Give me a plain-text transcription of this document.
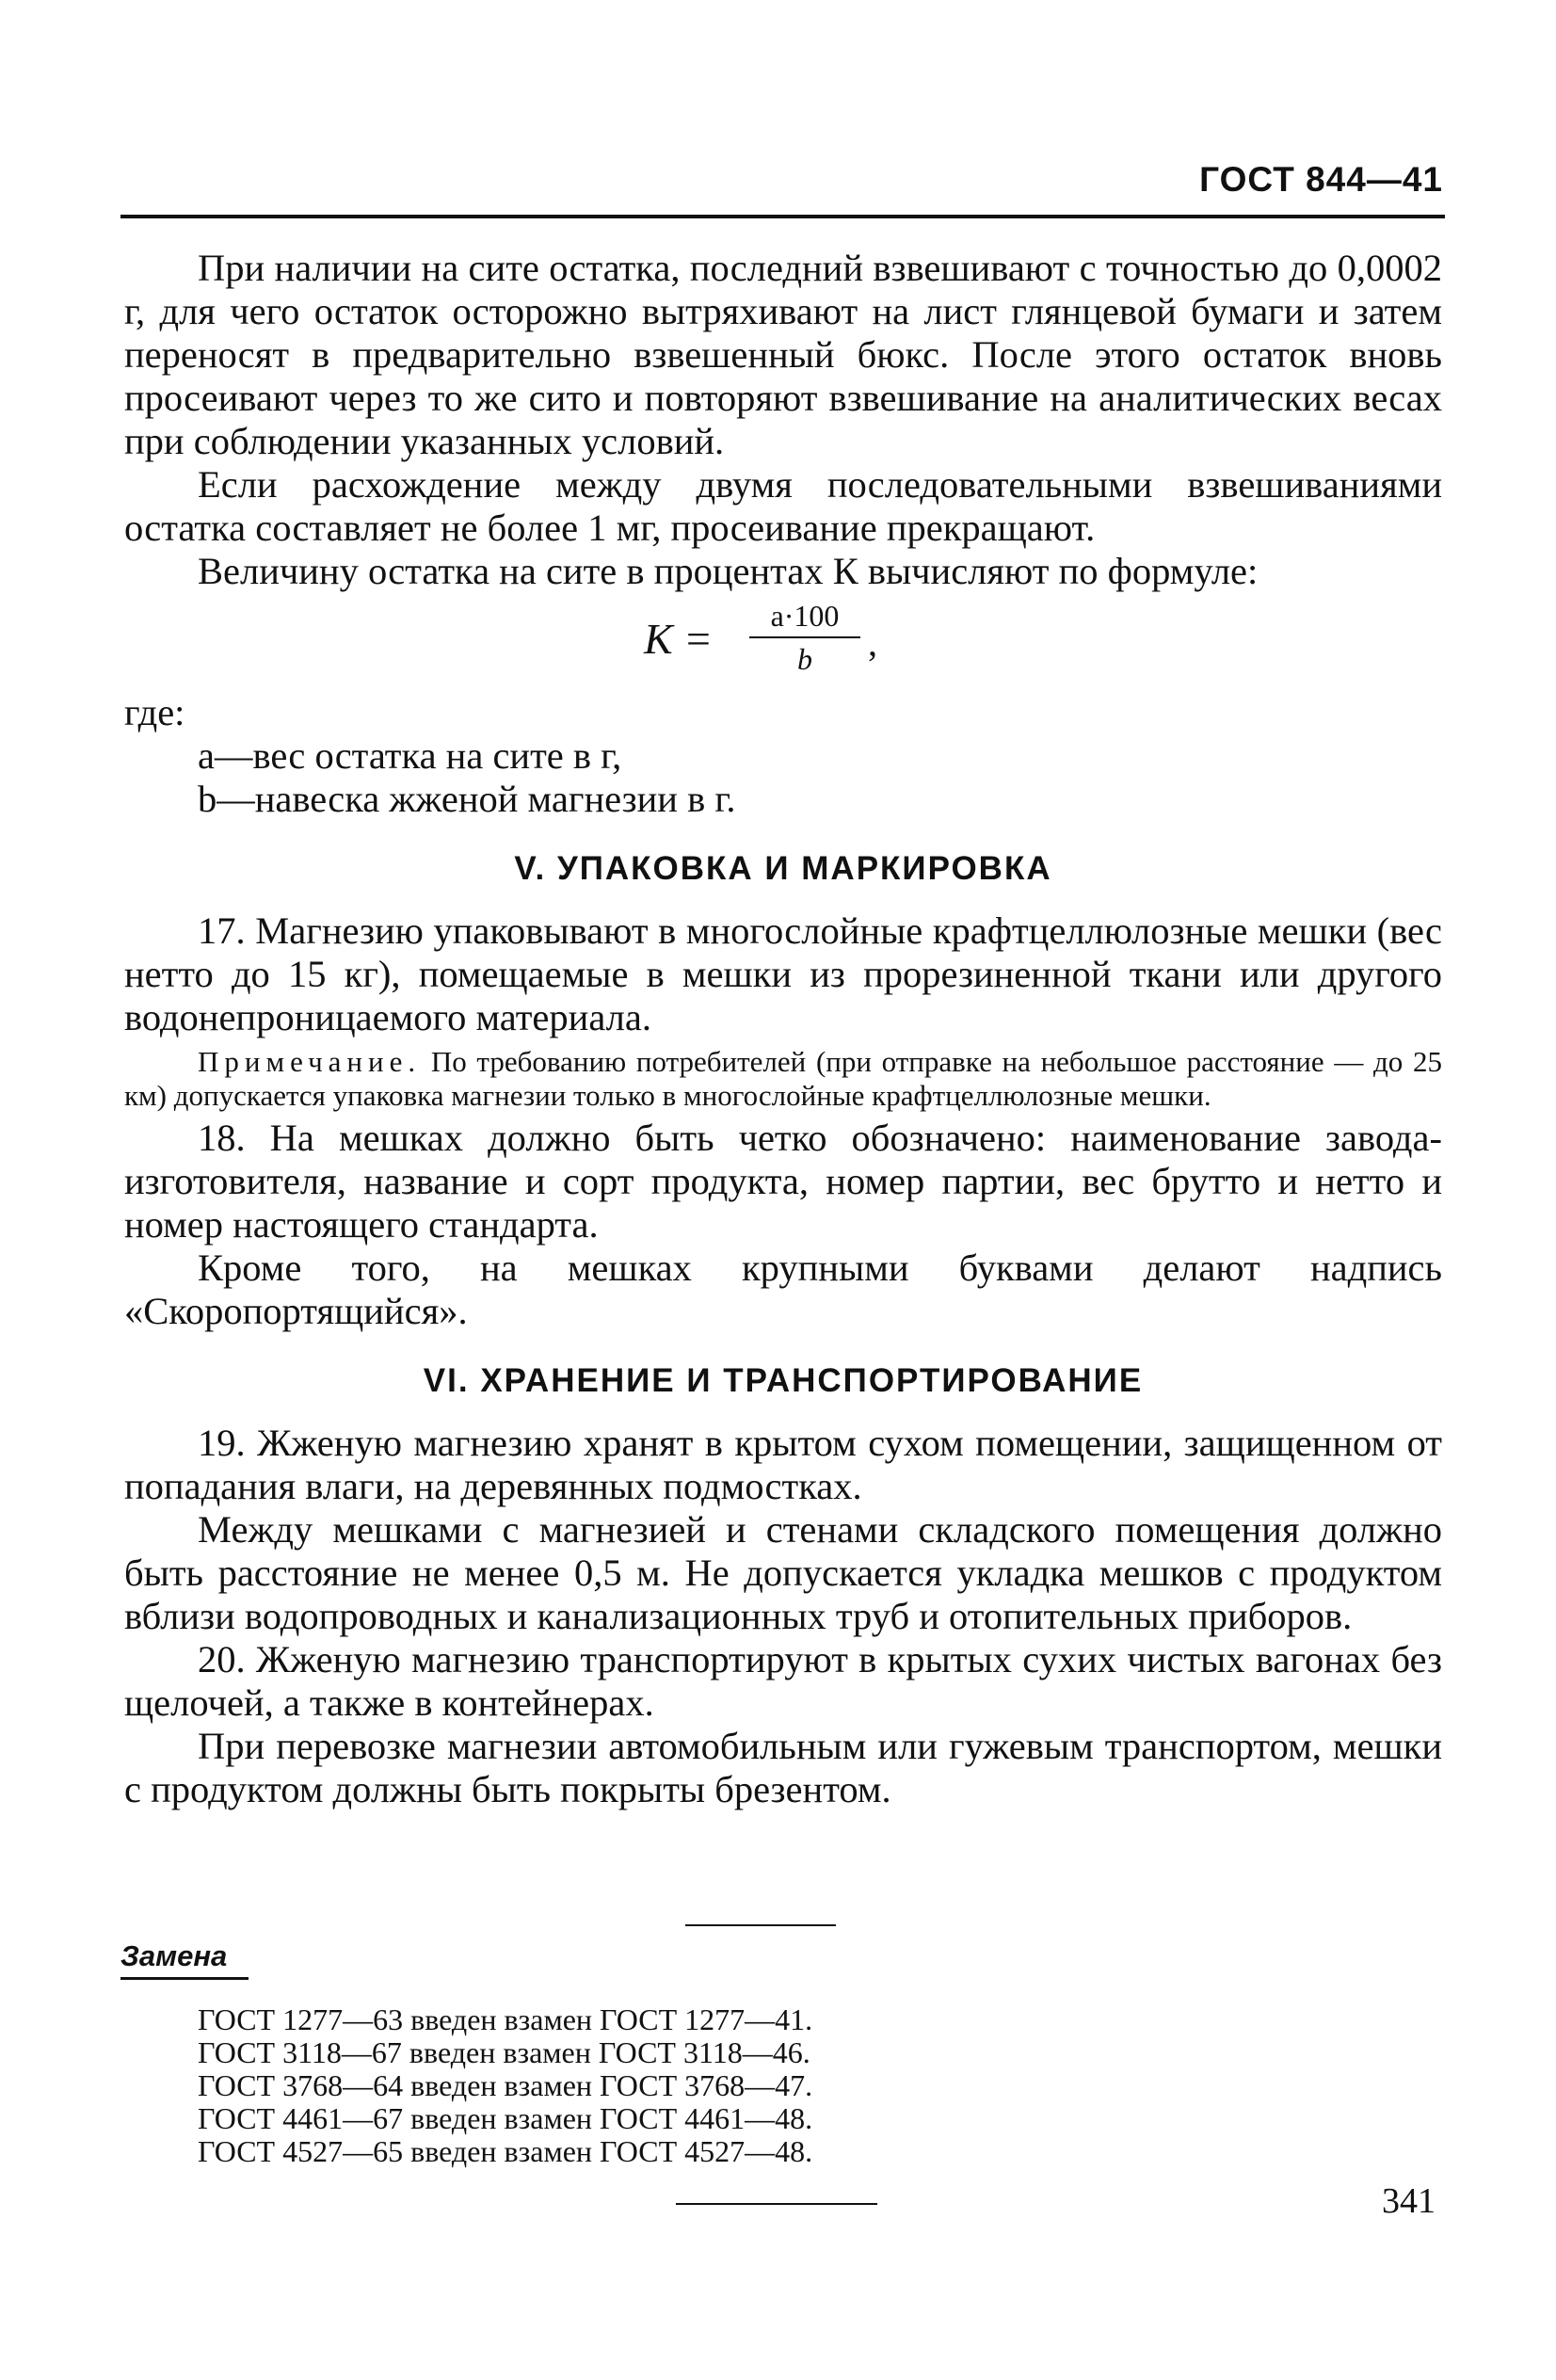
ГОСТ 844—41

При наличии на сите остатка, последний взвешивают с точностью до 0,0002 г, для чего остаток осторожно вытряхивают на лист глянцевой бумаги и затем переносят в предварительно взвешенный бюкс. После этого остаток вновь просеивают через то же сито и повторяют взвешивание на аналитических весах при соблюдении указанных условий.

Если расхождение между двумя последовательными взвешиваниями остатка составляет не более 1 мг, просеивание прекращают.

Величину остатка на сите в процентах К вычисляют по формуле:

К =	a·100
b	,

где:

a—вес остатка на сите в г,

b—навеска жженой магнезии в г.

V. УПАКОВКА И МАРКИРОВКА

17. Магнезию упаковывают в многослойные крафтцеллюлозные мешки (вес нетто до 15 кг), помещаемые в мешки из прорезиненной ткани или другого водонепроницаемого материала.

Примечание. По требованию потребителей (при отправке на небольшое расстояние — до 25 км) допускается упаковка магнезии только в многослойные крафтцеллюлозные мешки.

18. На мешках должно быть четко обозначено: наименование завода-изготовителя, название и сорт продукта, номер партии, вес брутто и нетто и номер настоящего стандарта.

Кроме того, на мешках крупными буквами делают надпись «Скоропортящийся».

VI. ХРАНЕНИЕ И ТРАНСПОРТИРОВАНИЕ

19. Жженую магнезию хранят в крытом сухом помещении, защищенном от попадания влаги, на деревянных подмостках.

Между мешками с магнезией и стенами складского помещения должно быть расстояние не менее 0,5 м. Не допускается укладка мешков с продуктом вблизи водопроводных и канализационных труб и отопительных приборов.

20. Жженую магнезию транспортируют в крытых сухих чистых вагонах без щелочей, а также в контейнерах.

При перевозке магнезии автомобильным или гужевым транспортом, мешки с продуктом должны быть покрыты брезентом.

Замена
ГОСТ 1277—63 введен взамен ГОСТ 1277—41.
ГОСТ 3118—67 введен взамен ГОСТ 3118—46.
ГОСТ 3768—64 введен взамен ГОСТ 3768—47.
ГОСТ 4461—67 введен взамен ГОСТ 4461—48.
ГОСТ 4527—65 введен взамен ГОСТ 4527—48.
341
